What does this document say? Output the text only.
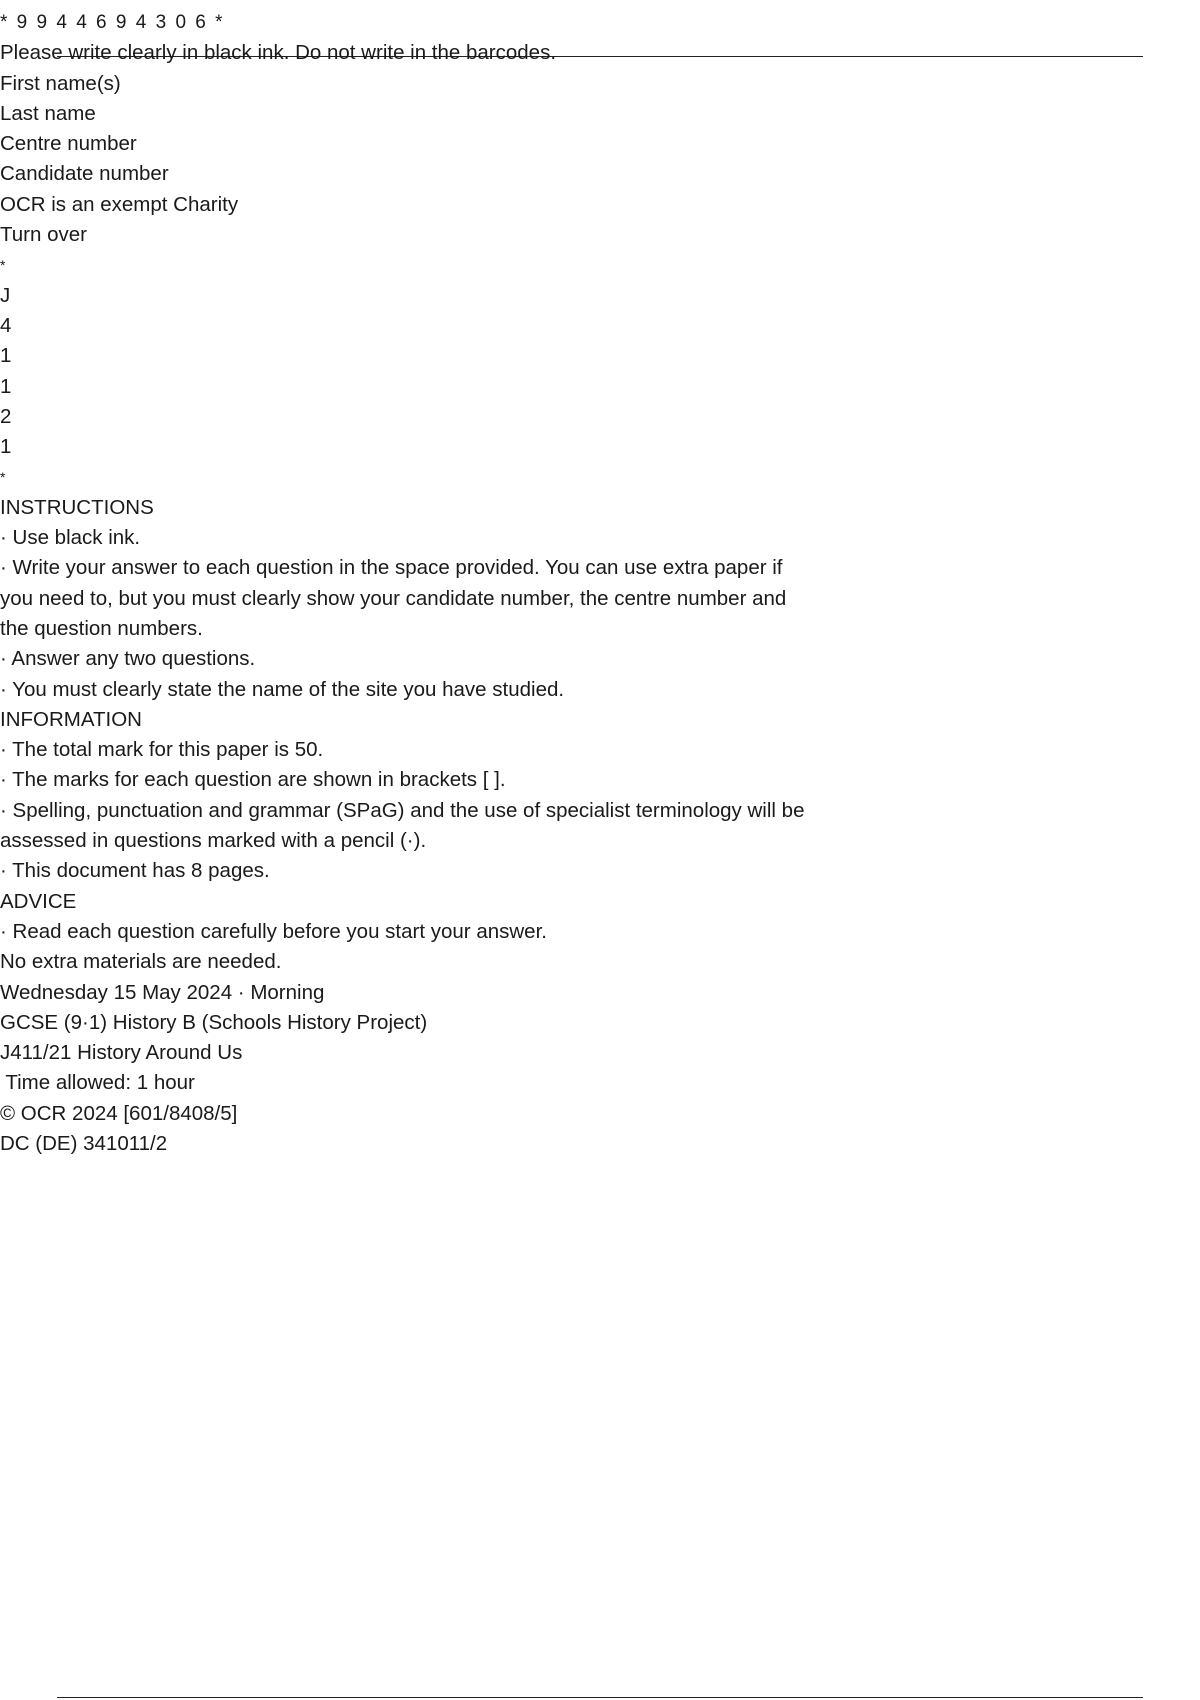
* 9 9 4 4 6 9 4 3 0 6 *
Please write clearly in black ink. Do not write in the barcodes.
First name(s)
Last name
Centre number
Candidate number
OCR is an exempt Charity
Turn over
*
J
4
1
1
2
1
*
INSTRUCTIONS
· Use black ink.
· Write your answer to each question in the space provided. You can use extra paper if
you need to, but you must clearly show your candidate number, the centre number and
the question numbers.
· Answer any two questions.
· You must clearly state the name of the site you have studied.
INFORMATION
· The total mark for this paper is 50.
· The marks for each question are shown in brackets [ ].
· Spelling, punctuation and grammar (SPaG) and the use of specialist terminology will be
assessed in questions marked with a pencil (·).
· This document has 8 pages.
ADVICE
· Read each question carefully before you start your answer.
No extra materials are needed.
Wednesday 15 May 2024 · Morning
GCSE (9·1) History B (Schools History Project)
J411/21 History Around Us
Time allowed: 1 hour
© OCR 2024 [601/8408/5]
DC (DE) 341011/2
